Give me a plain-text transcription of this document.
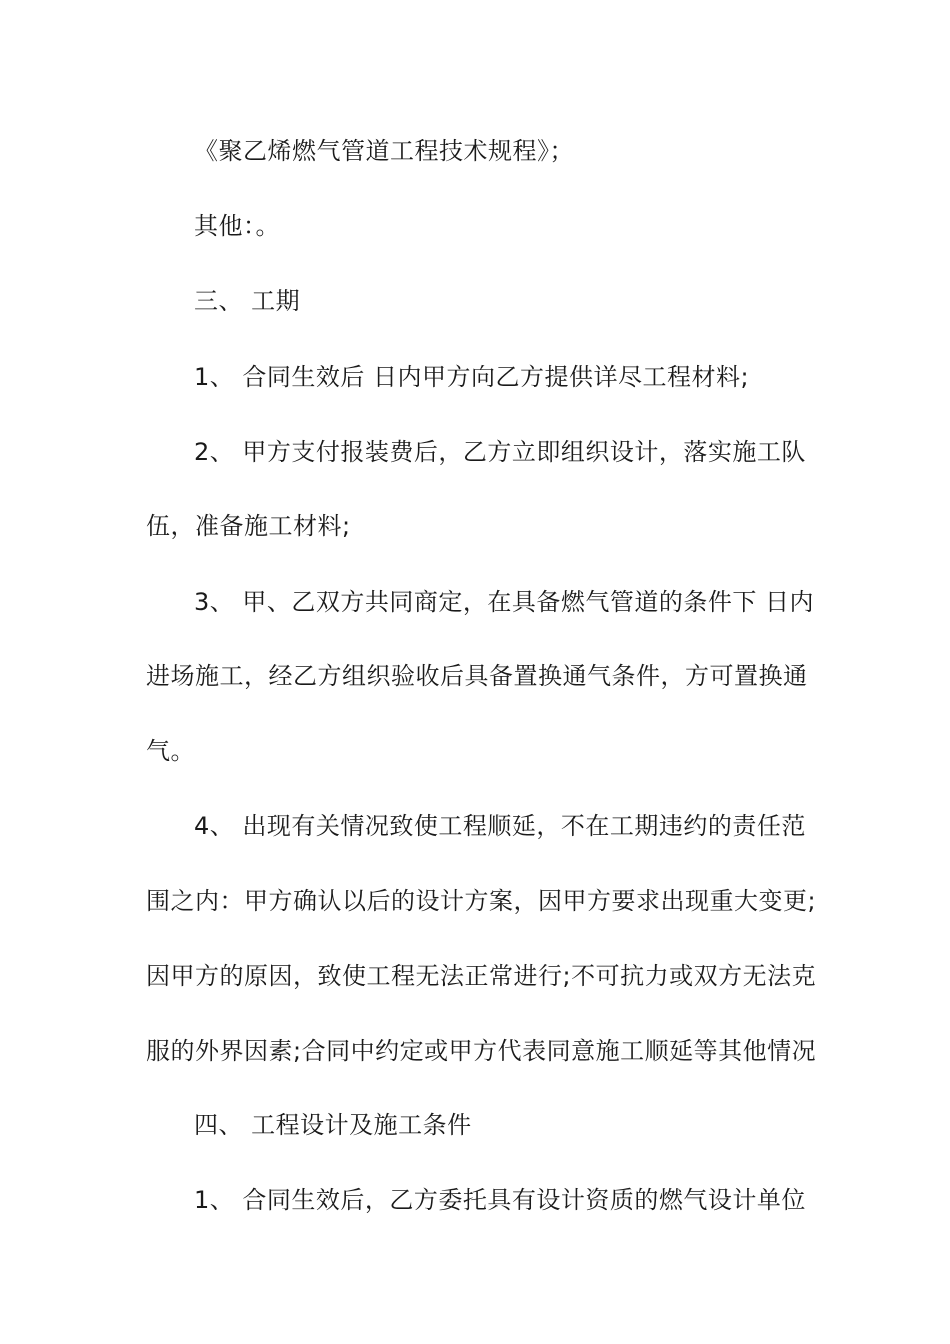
《聚乙烯燃气管道工程技术规程》；
其他：。
三、 工期
1、 合同生效后 日内甲方向乙方提供详尽工程材料;
2、 甲方支付报装费后，乙方立即组织设计，落实施工队
伍，准备施工材料;
3、 甲、乙双方共同商定，在具备燃气管道的条件下 日内
进场施工，经乙方组织验收后具备置换通气条件，方可置换通
气。
4、 出现有关情况致使工程顺延，不在工期违约的责任范
围之内：甲方确认以后的设计方案，因甲方要求出现重大变更;
因甲方的原因，致使工程无法正常进行;不可抗力或双方无法克
服的外界因素;合同中约定或甲方代表同意施工顺延等其他情况
四、 工程设计及施工条件
1、 合同生效后，乙方委托具有设计资质的燃气设计单位
